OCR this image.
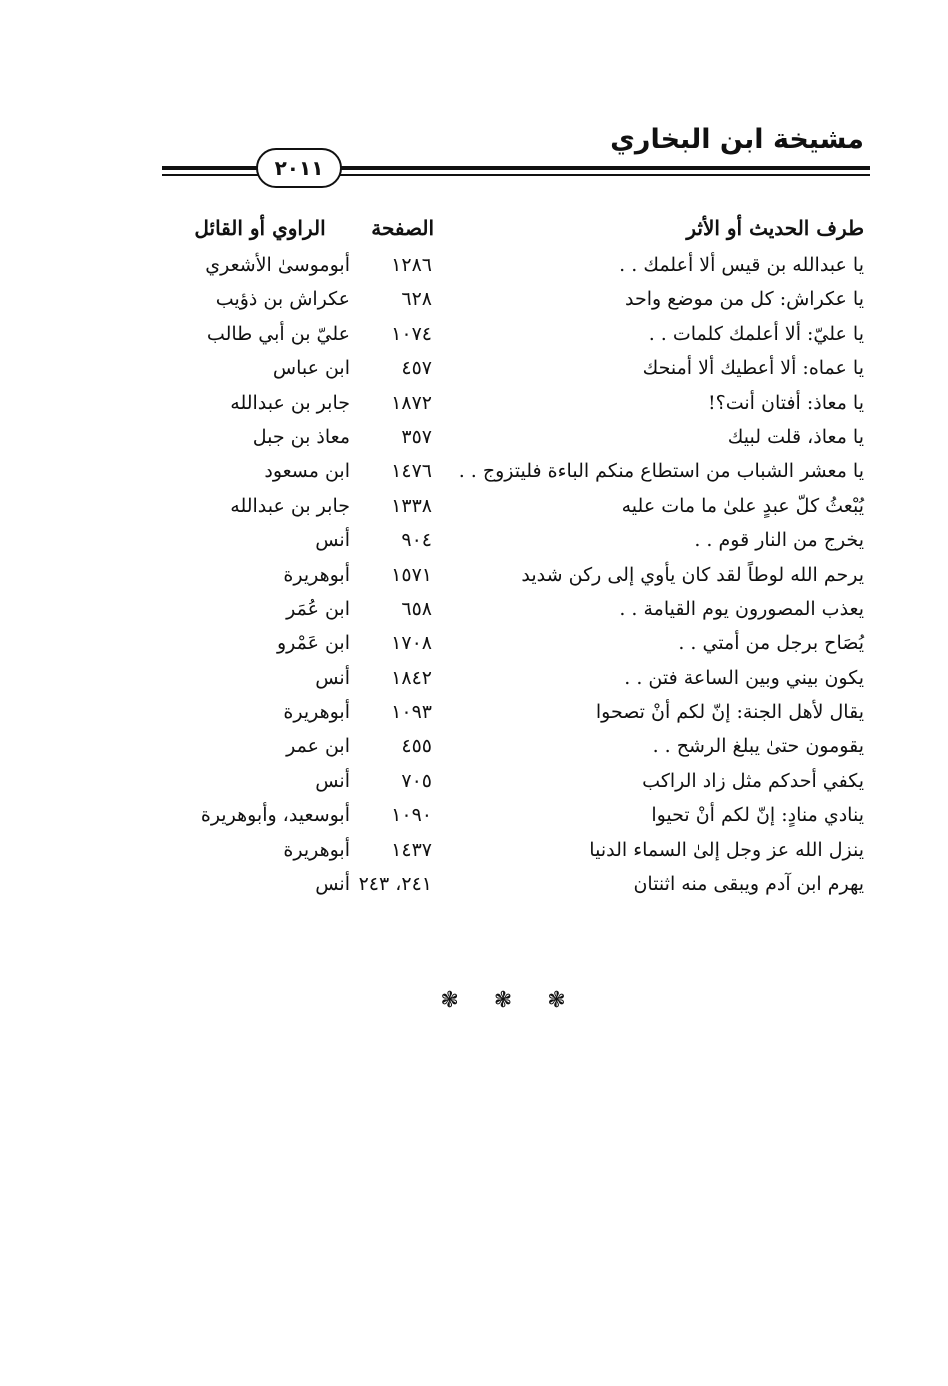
مشيخة ابن البخاري
٢٠١١
طرف الحديث أو الأثر
الصفحة
الراوي أو القائل
يا عبدالله بن قيس ألا أعلمك . .
١٢٨٦
أبوموسىٰ الأشعري
يا عكراش: كل من موضع واحد
٦٢٨
عكراش بن ذؤيب
يا عليّ: ألا أعلمك كلمات . .
١٠٧٤
عليّ بن أبي طالب
يا عماه: ألا أعطيك ألا أمنحك
٤٥٧
ابن عباس
يا معاذ: أفتان أنت؟!
١٨٧٢
جابر بن عبدالله
يا معاذ، قلت لبيك
٣٥٧
معاذ بن جبل
يا معشر الشباب من استطاع منكم الباءة فليتزوج . .
١٤٧٦
ابن مسعود
يُبْعثُ كلّ عبدٍ علىٰ ما مات عليه
١٣٣٨
جابر بن عبدالله
يخرج من النار قوم . .
٩٠٤
أنس
يرحم الله لوطاً لقد كان يأوي إلى ركن شديد
١٥٧١
أبوهريرة
يعذب المصورون يوم القيامة . .
٦٥٨
ابن عُمَر
يُصَاح برجل من أمتي . .
١٧٠٨
ابن عَمْرو
يكون بيني وبين الساعة فتن . .
١٨٤٢
أنس
يقال لأهل الجنة: إنّ لكم أنْ تصحوا
١٠٩٣
أبوهريرة
يقومون حتىٰ يبلغ الرشح . .
٤٥٥
ابن عمر
يكفي أحدكم مثل زاد الراكب
٧٠٥
أنس
ينادي منادٍ: إنّ لكم أنْ تحيوا
١٠٩٠
أبوسعيد، وأبوهريرة
ينزل الله عز وجل إلىٰ السماء الدنيا
١٤٣٧
أبوهريرة
يهرم ابن آدم ويبقى منه اثنتان
٢٤١، ٢٤٣
أنس
❃ ❃ ❃
